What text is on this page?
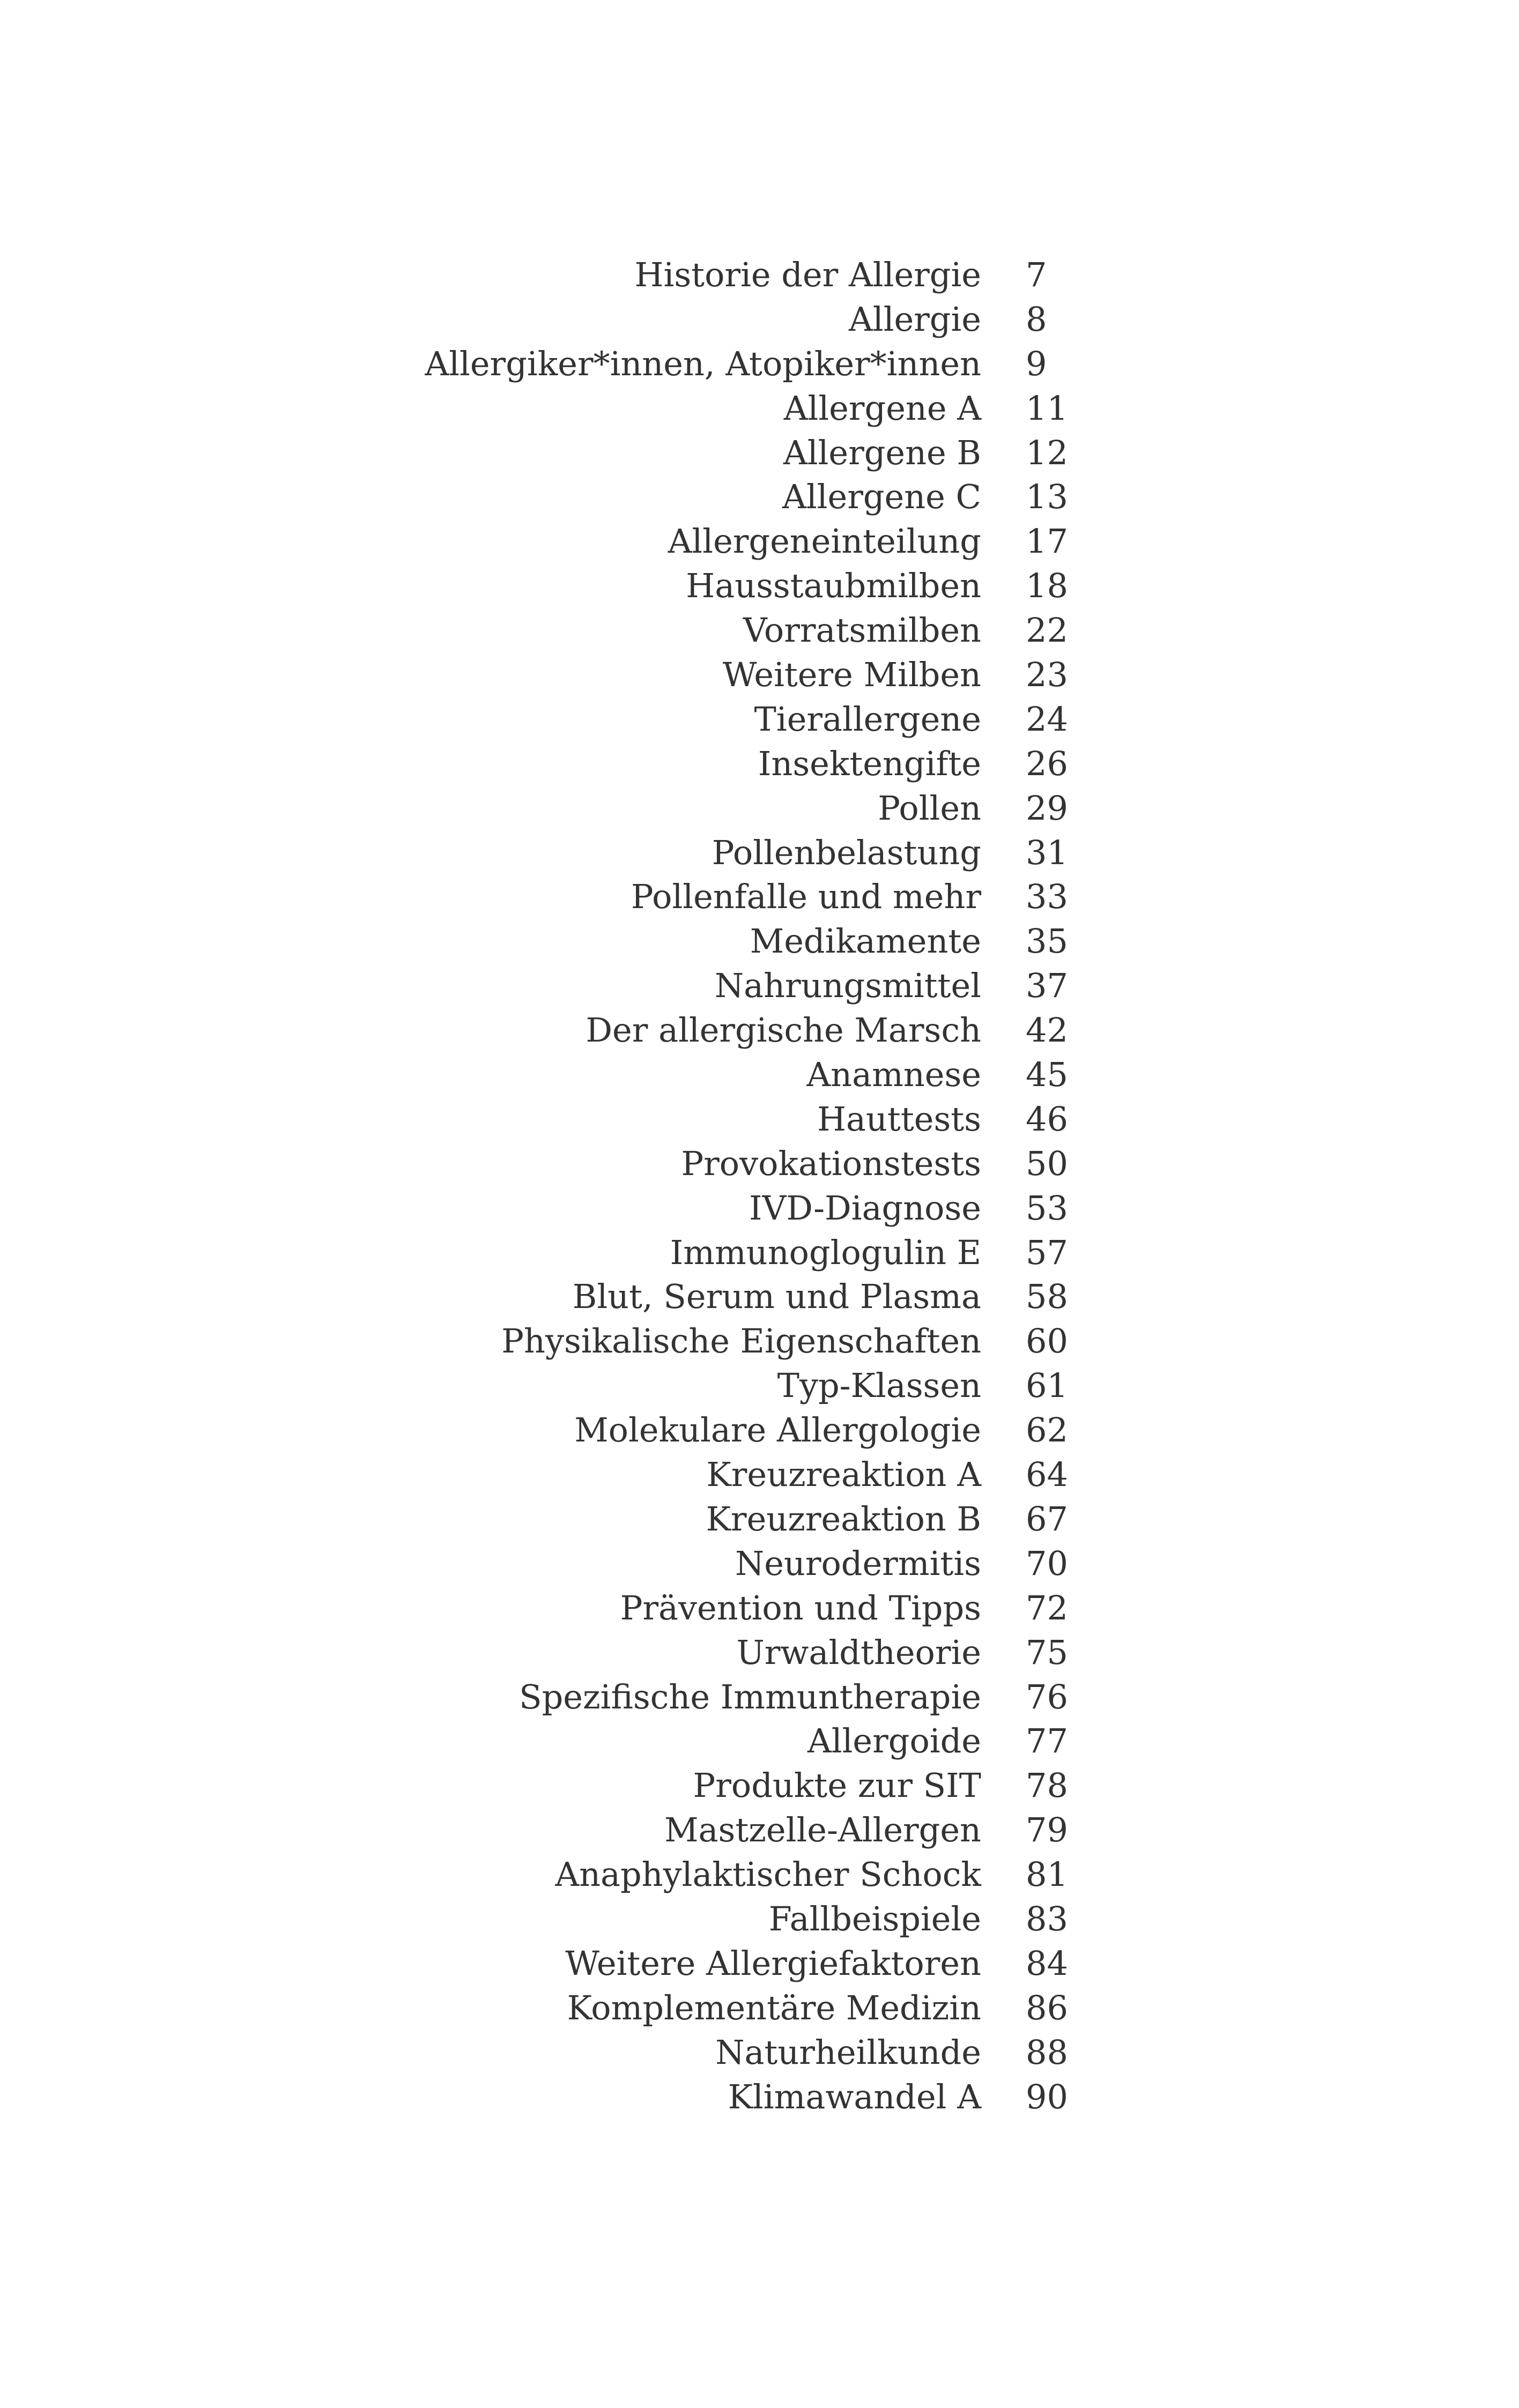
Historie der Allergie 7
Allergie 8
Allergiker*innen, Atopiker*innen 9
Allergene A 11
Allergene B 12
Allergene C 13
Allergeneinteilung 17
Hausstaubmilben 18
Vorratsmilben 22
Weitere Milben 23
Tierallergene 24
Insektengifte 26
Pollen 29
Pollenbelastung 31
Pollenfalle und mehr 33
Medikamente 35
Nahrungsmittel 37
Der allergische Marsch 42
Anamnese 45
Hauttests 46
Provokationstests 50
IVD-Diagnose 53
Immunoglogulin E 57
Blut, Serum und Plasma 58
Physikalische Eigenschaften 60
Typ-Klassen 61
Molekulare Allergologie 62
Kreuzreaktion A 64
Kreuzreaktion B 67
Neurodermitis 70
Prävention und Tipps 72
Urwaldtheorie 75
Spezifische Immuntherapie 76
Allergoide 77
Produkte zur SIT 78
Mastzelle-Allergen 79
Anaphylaktischer Schock 81
Fallbeispiele 83
Weitere Allergiefaktoren 84
Komplementäre Medizin 86
Naturheilkunde 88
Klimawandel A 90
